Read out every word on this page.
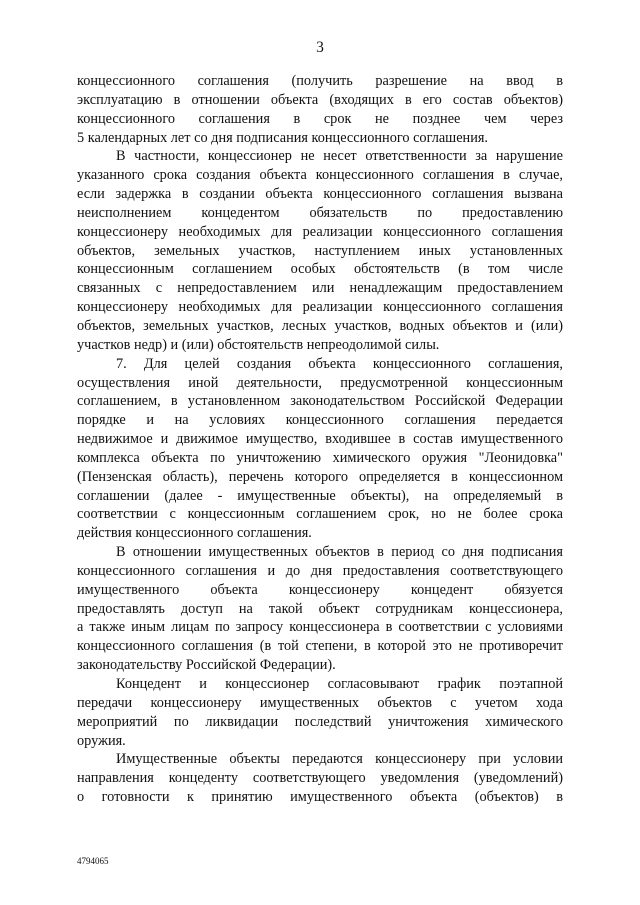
3

концессионного соглашения (получить разрешение на ввод в
эксплуатацию в отношении объекта (входящих в его состав объектов)
концессионного соглашения в срок не позднее чем через
5 календарных лет со дня подписания концессионного соглашения.

В частности, концессионер не несет ответственности за нарушение
указанного срока создания объекта концессионного соглашения в случае,
если задержка в создании объекта концессионного соглашения вызвана
неисполнением концедентом обязательств по предоставлению
концессионеру необходимых для реализации концессионного соглашения
объектов, земельных участков, наступлением иных установленных
концессионным соглашением особых обстоятельств (в том числе
связанных с непредоставлением или ненадлежащим предоставлением
концессионеру необходимых для реализации концессионного соглашения
объектов, земельных участков, лесных участков, водных объектов и (или)
участков недр) и (или) обстоятельств непреодолимой силы.

7. Для целей создания объекта концессионного соглашения,
осуществления иной деятельности, предусмотренной концессионным
соглашением, в установленном законодательством Российской Федерации
порядке и на условиях концессионного соглашения передается
недвижимое и движимое имущество, входившее в состав имущественного
комплекса объекта по уничтожению химического оружия "Леонидовка"
(Пензенская область), перечень которого определяется в концессионном
соглашении (далее - имущественные объекты), на определяемый в
соответствии с концессионным соглашением срок, но не более срока
действия концессионного соглашения.

В отношении имущественных объектов в период со дня подписания
концессионного соглашения и до дня предоставления соответствующего
имущественного объекта концессионеру концедент обязуется
предоставлять доступ на такой объект сотрудникам концессионера,
а также иным лицам по запросу концессионера в соответствии с условиями
концессионного соглашения (в той степени, в которой это не противоречит
законодательству Российской Федерации).

Концедент и концессионер согласовывают график поэтапной
передачи концессионеру имущественных объектов с учетом хода
мероприятий по ликвидации последствий уничтожения химического
оружия.

Имущественные объекты передаются концессионеру при условии
направления концеденту соответствующего уведомления (уведомлений)
о готовности к принятию имущественного объекта (объектов) в

4794065
